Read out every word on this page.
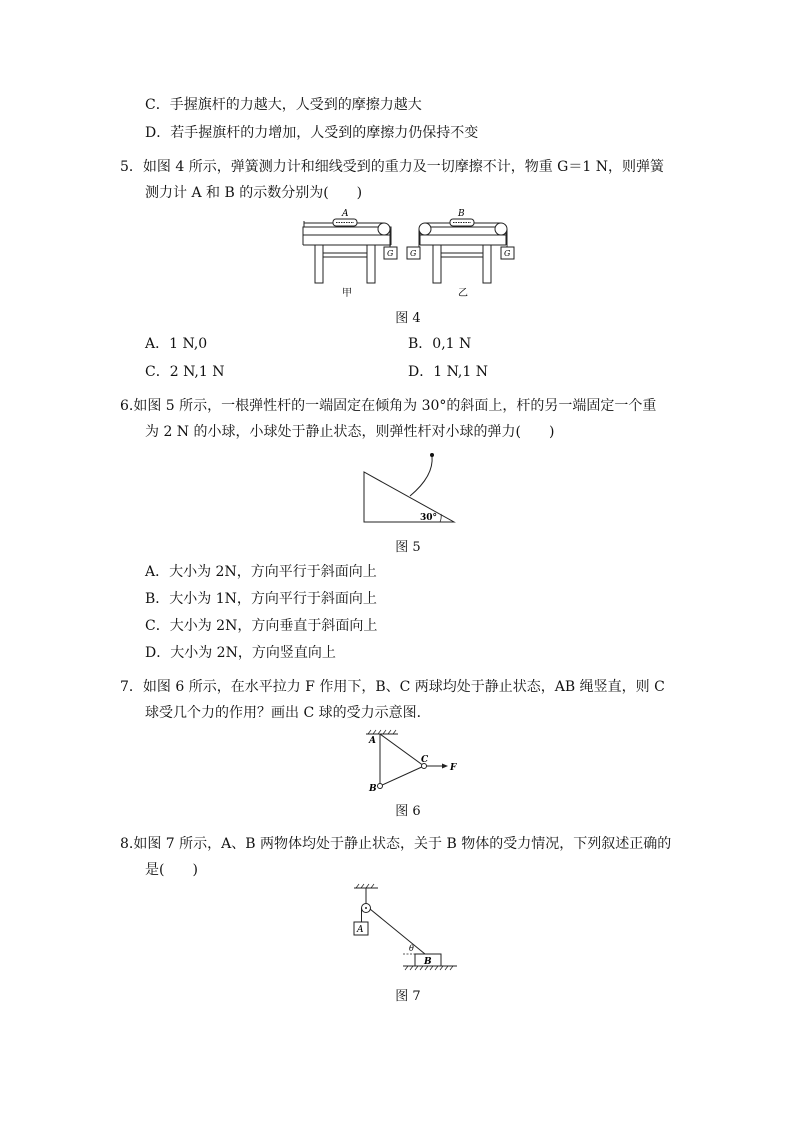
C．手握旗杆的力越大，人受到的摩擦力越大
D．若手握旗杆的力增加，人受到的摩擦力仍保持不变
5．如图 4 所示，弹簧测力计和细线受到的重力及一切摩擦不计，物重 G＝1 N，则弹簧
测力计 A 和 B 的示数分别为(　　)
A
G
甲
B
G	G
乙
图 4
A．1 N,0	B．0,1 N
C．2 N,1 N	D．1 N,1 N
6.如图 5 所示，一根弹性杆的一端固定在倾角为 30°的斜面上，杆的另一端固定一个重
为 2 N 的小球，小球处于静止状态，则弹性杆对小球的弹力(　　)
30°
图 5
A．大小为 2N，方向平行于斜面向上
B．大小为 1N，方向平行于斜面向上
C．大小为 2N，方向垂直于斜面向上
D．大小为 2N，方向竖直向上
7．如图 6 所示，在水平拉力 F 作用下，B、C 两球均处于静止状态，AB 绳竖直，则 C
球受几个力的作用？画出 C 球的受力示意图．
A
B
C
F
图 6
8.如图 7 所示，A、B 两物体均处于静止状态，关于 B 物体的受力情况，下列叙述正确的
是(　　)
A
B
θ
图 7
